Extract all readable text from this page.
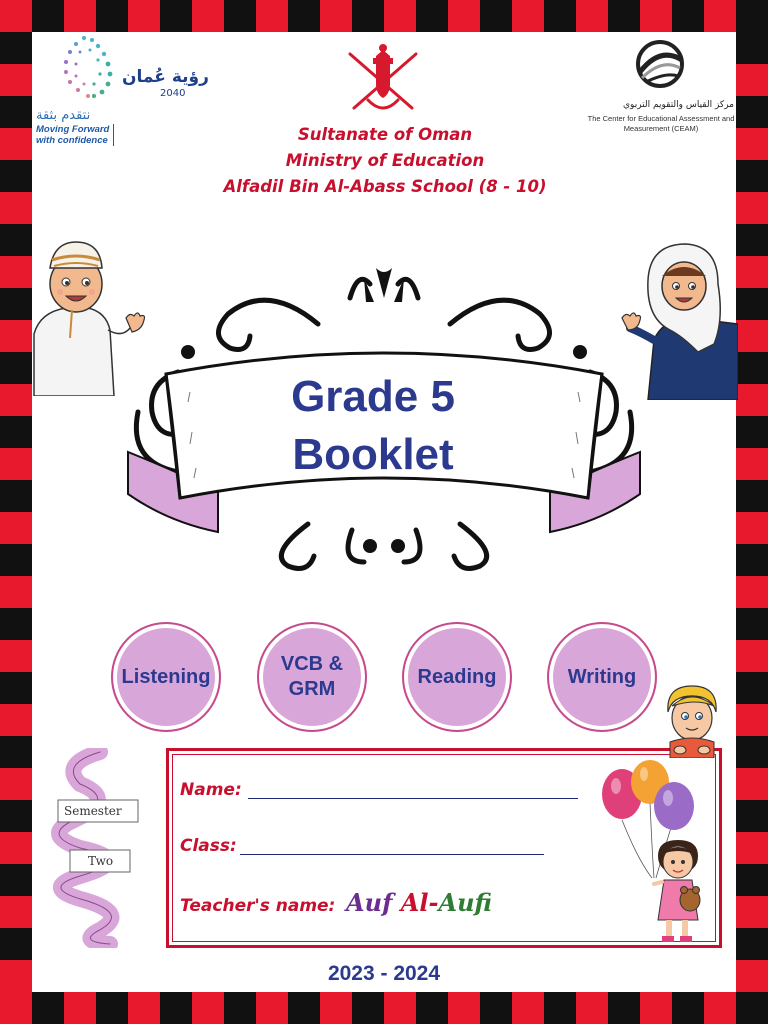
رؤية عُمان
2040
نتقدم بثقة
Moving Forward
with confidence
مركز القياس والتقويم التربوي
The Center for Educational Assessment and Measurement (CEAM)
Sultanate of Oman
Ministry of Education
Alfadil Bin Al-Abass School (8 - 10)
Grade 5
Booklet
Listening
VCB &
GRM
Reading	Writing
Semester
Two
Name:
Class:
Teacher's name: Auf Al-Aufi
2023 - 2024
